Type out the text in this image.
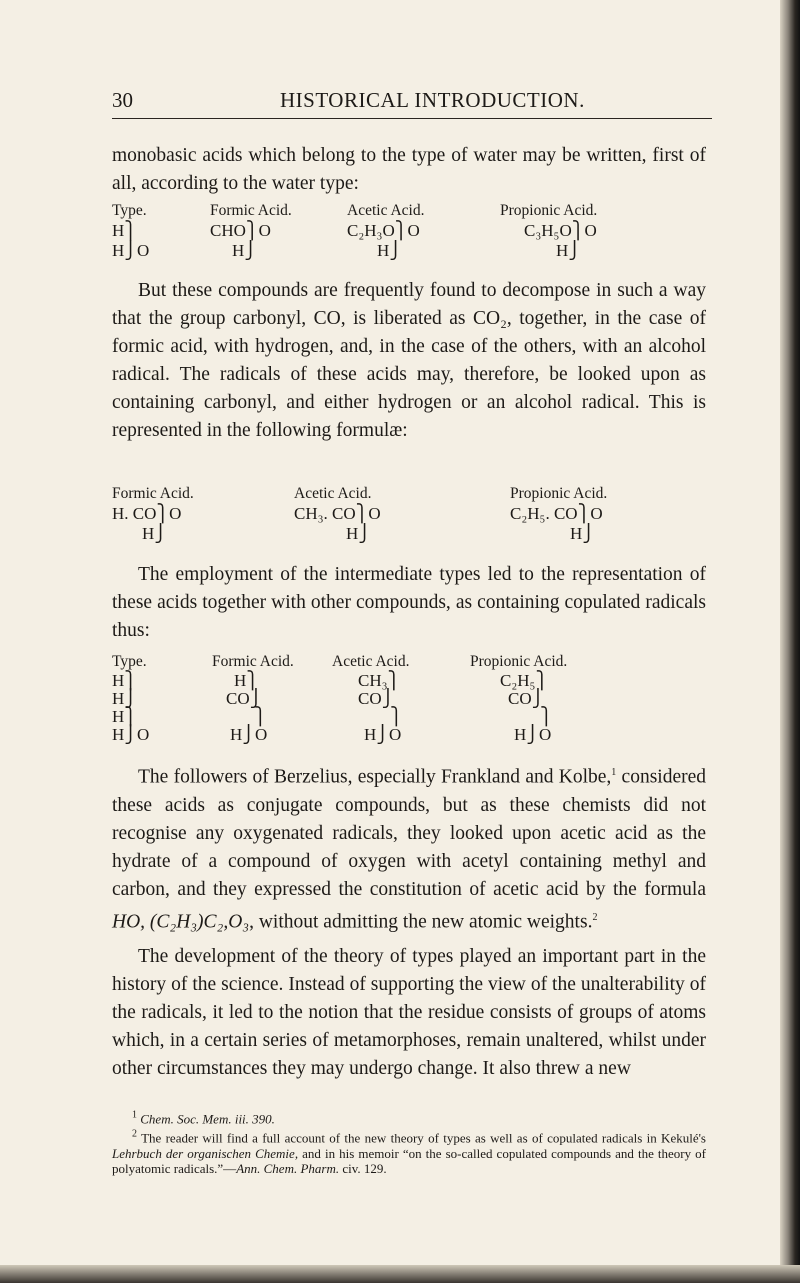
30	HISTORICAL INTRODUCTION.
monobasic acids which belong to the type of water may be written, first of all, according to the water type:
Type.
H⎫
H⎭O
Formic Acid.
CHO⎫O
H⎭
Acetic Acid.
C₂H₃O⎫O
H⎭
Propionic Acid.
C₃H₅O⎫O
H⎭
But these compounds are frequently found to decompose in such a way that the group carbonyl, CO, is liberated as CO₂, together, in the case of formic acid, with hydrogen, and, in the case of the others, with an alcohol radical. The radicals of these acids may, therefore, be looked upon as containing carbonyl, and either hydrogen or an alcohol radical. This is represented in the following formulæ:
Formic Acid.
H. CO⎫O
H⎭
Acetic Acid.
CH₃. CO⎫O
H⎭
Propionic Acid.
C₂H₅. CO⎫O
H⎭
The employment of the intermediate types led to the representation of these acids together with other compounds, as containing copulated radicals thus:
Type.
H⎫
H⎭
H⎫
H⎭O
Formic Acid.
H⎫
CO⎭
⎫
H⎭O
Acetic Acid.
CH₃⎫
CO⎭
⎫
H⎭O
Propionic Acid.
C₂H₅⎫
CO⎭
⎫
H⎭O
The followers of Berzelius, especially Frankland and Kolbe,$^1$ considered these acids as conjugate compounds, but as these chemists did not recognise any oxygenated radicals, they looked upon acetic acid as the hydrate of a compound of oxygen with acetyl containing methyl and carbon, and they expressed the constitution of acetic acid by the formula HO, (C₂H₃)C₂,O₃, without admitting the new atomic weights.$^2$
The development of the theory of types played an important part in the history of the science. Instead of supporting the view of the unalterability of the radicals, it led to the notion that the residue consists of groups of atoms which, in a certain series of metamorphoses, remain unaltered, whilst under other circumstances they may undergo change. It also threw a new
$^1$ Chem. Soc. Mem. iii. 390.
$^2$ The reader will find a full account of the new theory of types as well as of copulated radicals in Kekulé's Lehrbuch der organischen Chemie, and in his memoir “on the so-called copulated compounds and the theory of polyatomic radicals.”—Ann. Chem. Pharm. civ. 129.
